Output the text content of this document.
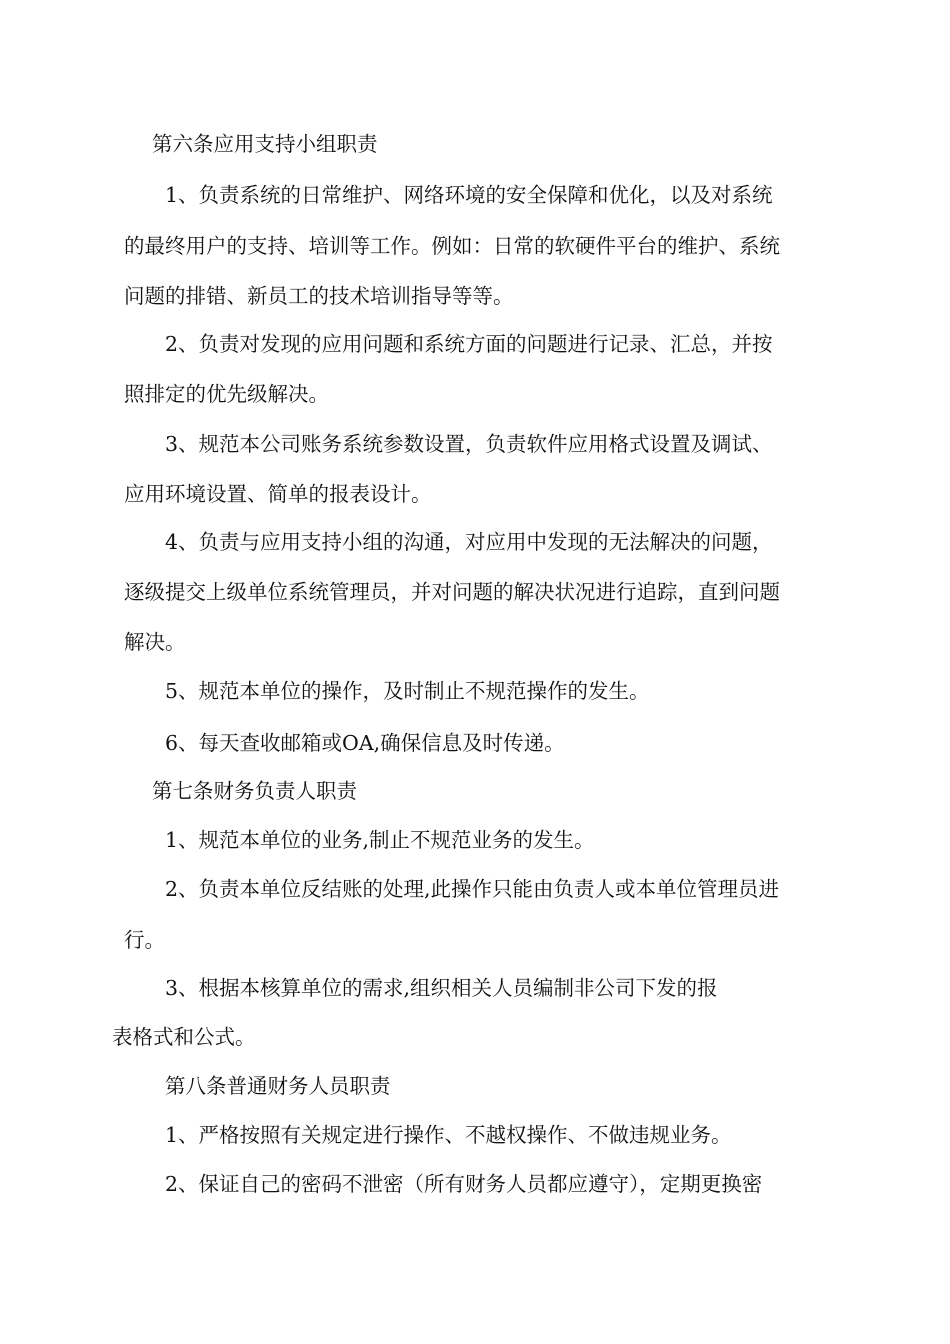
第六条应用支持小组职责

1、负责系统的日常维护、网络环境的安全保障和优化，以及对系统

的最终用户的支持、培训等工作。例如：日常的软硬件平台的维护、系统

问题的排错、新员工的技术培训指导等等。

2、负责对发现的应用问题和系统方面的问题进行记录、汇总，并按

照排定的优先级解决。

3、规范本公司账务系统参数设置，负责软件应用格式设置及调试、

应用环境设置、简单的报表设计。

4、负责与应用支持小组的沟通，对应用中发现的无法解决的问题，

逐级提交上级单位系统管理员，并对问题的解决状况进行追踪，直到问题

解决。

5、规范本单位的操作，及时制止不规范操作的发生。

6、每天查收邮箱或OA,确保信息及时传递。

第七条财务负责人职责

1、规范本单位的业务,制止不规范业务的发生。

2、负责本单位反结账的处理,此操作只能由负责人或本单位管理员进

行。

3、根据本核算单位的需求,组织相关人员编制非公司下发的报

表格式和公式。

第八条普通财务人员职责

1、严格按照有关规定进行操作、不越权操作、不做违规业务。

2、保证自己的密码不泄密（所有财务人员都应遵守），定期更换密
